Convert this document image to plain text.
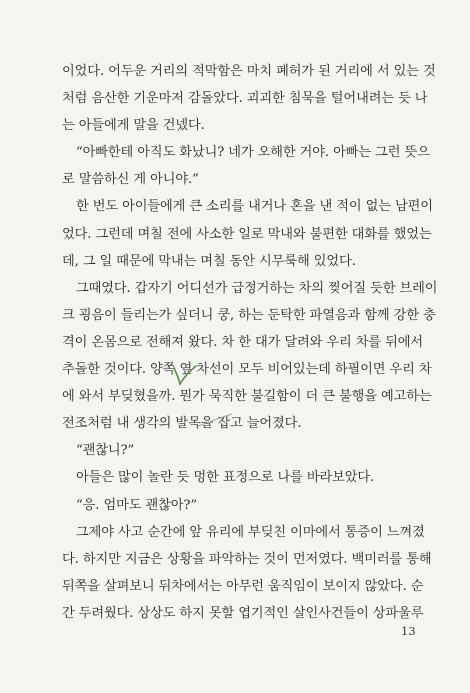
이었다. 어두운 거리의 적막함은 마치 폐허가 된 거리에 서 있는 것
처럼 음산한 기운마저 감돌았다. 괴괴한 침묵을 털어내려는 듯 나
는 아들에게 말을 건넸다.
“아빠한테 아직도 화났니? 네가 오해한 거야. 아빠는 그런 뜻으
로 말씀하신 게 아니야.”
한 번도 아이들에게 큰 소리를 내거나 혼을 낸 적이 없는 남편이
었다. 그런데 며칠 전에 사소한 일로 막내와 불편한 대화를 했었는
데, 그 일 때문에 막내는 며칠 동안 시무룩해 있었다.
그때였다. 갑자기 어디선가 급정거하는 차의 찢어질 듯한 브레이
크 굉음이 들리는가 싶더니 쿵, 하는 둔탁한 파열음과 함께 강한 충
격이 온몸으로 전해져 왔다. 차 한 대가 달려와 우리 차를 뒤에서
추돌한 것이다. 양쪽 옆 차선이 모두 비어있는데 하필이면 우리 차
에 와서 부딪혔을까. 뭔가 묵직한 불길함이 더 큰 불행을 예고하는
전조처럼 내 생각의 발목을 잡고 늘어졌다.
“괜찮니?”
아들은 많이 놀란 듯 멍한 표정으로 나를 바라보았다.
“응. 엄마도 괜찮아?”
그제야 사고 순간에 앞 유리에 부딪친 이마에서 통증이 느껴졌
다. 하지만 지금은 상황을 파악하는 것이 먼저였다. 백미러를 통해
뒤쪽을 살펴보니 뒤차에서는 아무런 움직임이 보이지 않았다. 순
간 두려웠다. 상상도 하지 못할 엽기적인 살인사건들이 상파울루
13
